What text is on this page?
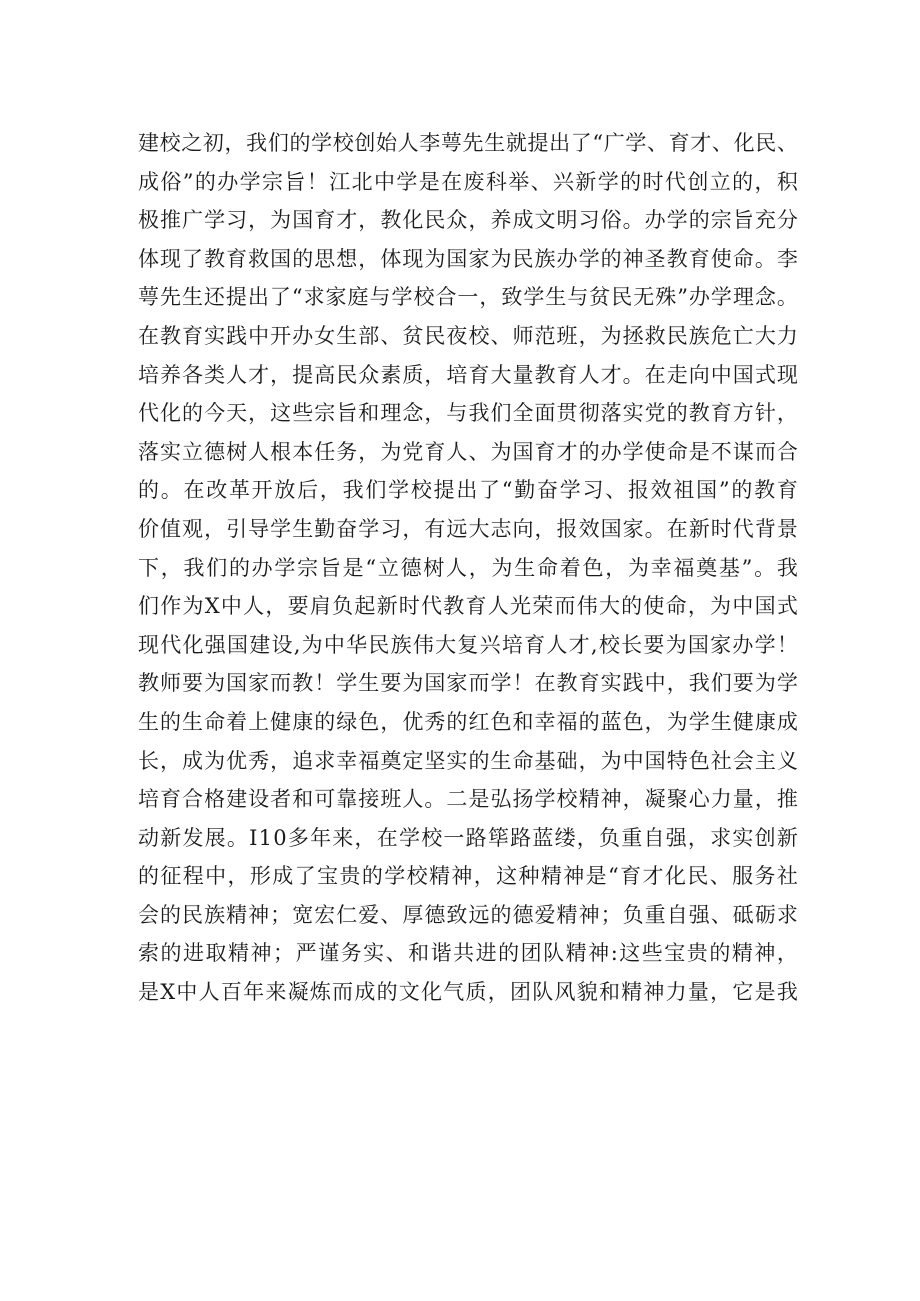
建校之初，我们的学校创始人李萼先生就提出了“广学、育才、化民、
成俗”的办学宗旨！江北中学是在废科举、兴新学的时代创立的，积
极推广学习，为国育才，教化民众，养成文明习俗。办学的宗旨充分
体现了教育救国的思想，体现为国家为民族办学的神圣教育使命。李
萼先生还提出了“求家庭与学校合一，致学生与贫民无殊”办学理念。
在教育实践中开办女生部、贫民夜校、师范班，为拯救民族危亡大力
培养各类人才，提高民众素质，培育大量教育人才。在走向中国式现
代化的今天，这些宗旨和理念，与我们全面贯彻落实党的教育方针，
落实立德树人根本任务，为党育人、为国育才的办学使命是不谋而合
的。在改革开放后，我们学校提出了“勤奋学习、报效祖国”的教育
价值观，引导学生勤奋学习，有远大志向，报效国家。在新时代背景
下，我们的办学宗旨是“立德树人，为生命着色，为幸福奠基”。我
们作为X中人，要肩负起新时代教育人光荣而伟大的使命，为中国式
现代化强国建设,为中华民族伟大复兴培育人才,校长要为国家办学！
教师要为国家而教！学生要为国家而学！在教育实践中，我们要为学
生的生命着上健康的绿色，优秀的红色和幸福的蓝色，为学生健康成
长，成为优秀，追求幸福奠定坚实的生命基础，为中国特色社会主义
培育合格建设者和可靠接班人。二是弘扬学校精神，凝聚心力量，推
动新发展。I10多年来，在学校一路筚路蓝缕，负重自强，求实创新
的征程中，形成了宝贵的学校精神，这种精神是“育才化民、服务社
会的民族精神；宽宏仁爱、厚德致远的德爱精神；负重自强、砥砺求
索的进取精神；严谨务实、和谐共进的团队精神:这些宝贵的精神，
是X中人百年来凝炼而成的文化气质，团队风貌和精神力量，它是我
